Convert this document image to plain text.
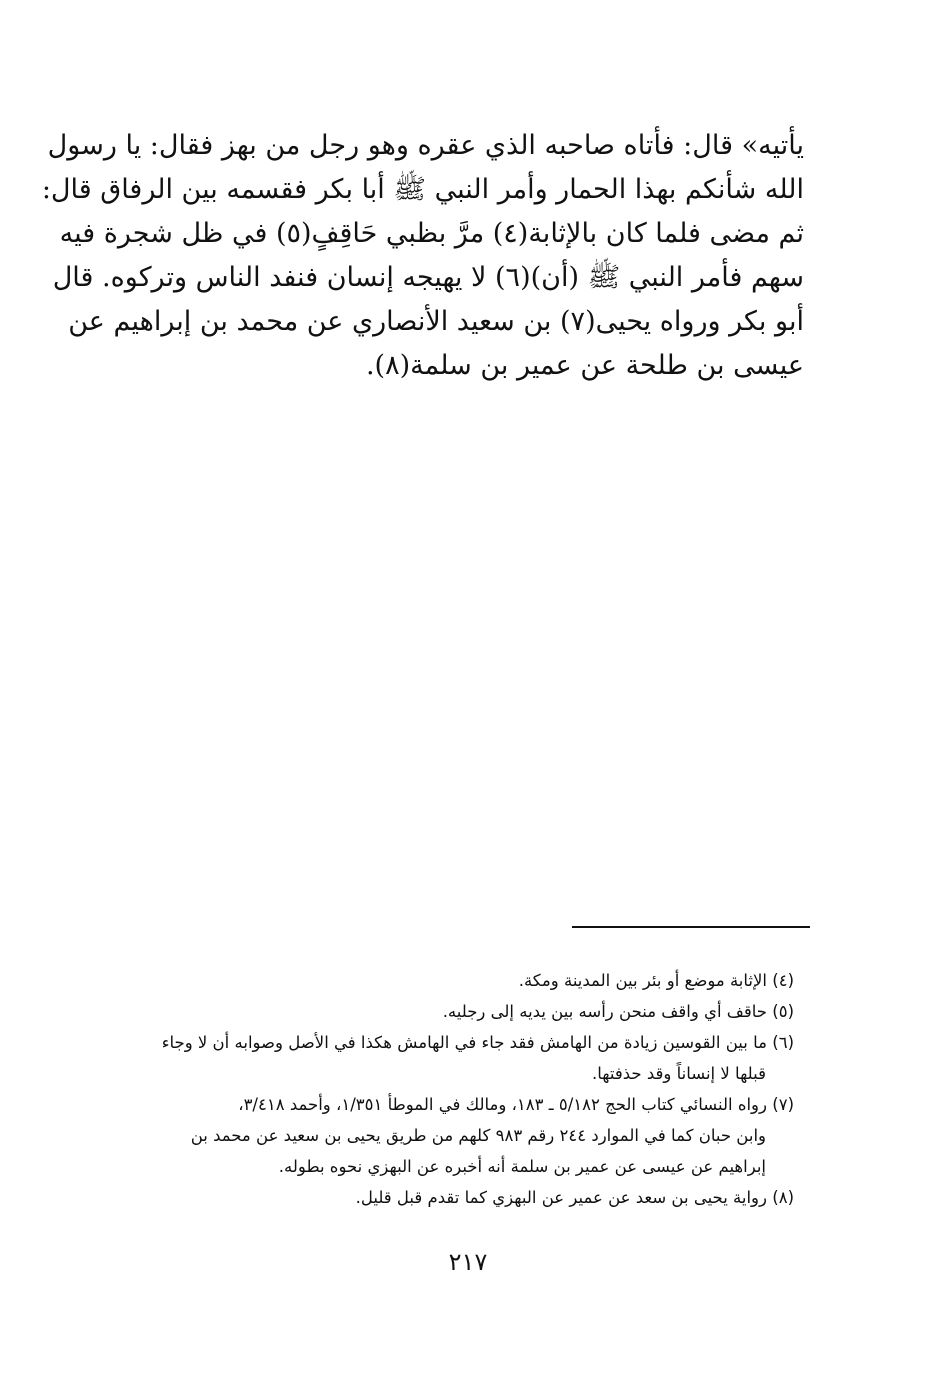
يأتيه» قال: فأتاه صاحبه الذي عقره وهو رجل من بهز فقال: يا رسول
الله شأنكم بهذا الحمار وأمر النبي ﷺ أبا بكر فقسمه بين الرفاق قال:
ثم مضى فلما كان بالإثابة(٤) مرَّ بظبي حَاقِفٍ(٥) في ظل شجرة فيه
سهم فأمر النبي ﷺ (أن)(٦) لا يهيجه إنسان فنفد الناس وتركوه. قال
أبو بكر ورواه يحيى(٧) بن سعيد الأنصاري عن محمد بن إبراهيم عن
عيسى بن طلحة عن عمير بن سلمة(٨).
(٤) الإثابة موضع أو بئر بين المدينة ومكة.
(٥) حاقف أي واقف منحن رأسه بين يديه إلى رجليه.
(٦) ما بين القوسين زيادة من الهامش فقد جاء في الهامش هكذا في الأصل وصوابه أن لا وجاء
قبلها لا إنساناً وقد حذفتها.
(٧) رواه النسائي كتاب الحج ٥/١٨٢ ـ ١٨٣، ومالك في الموطأ ١/٣٥١، وأحمد ٣/٤١٨،
وابن حبان كما في الموارد ٢٤٤ رقم ٩٨٣ كلهم من طريق يحيى بن سعيد عن محمد بن
إبراهيم عن عيسى عن عمير بن سلمة أنه أخبره عن البهزي نحوه بطوله.
(٨) رواية يحيى بن سعد عن عمير عن البهزي كما تقدم قبل قليل.
٢١٧
